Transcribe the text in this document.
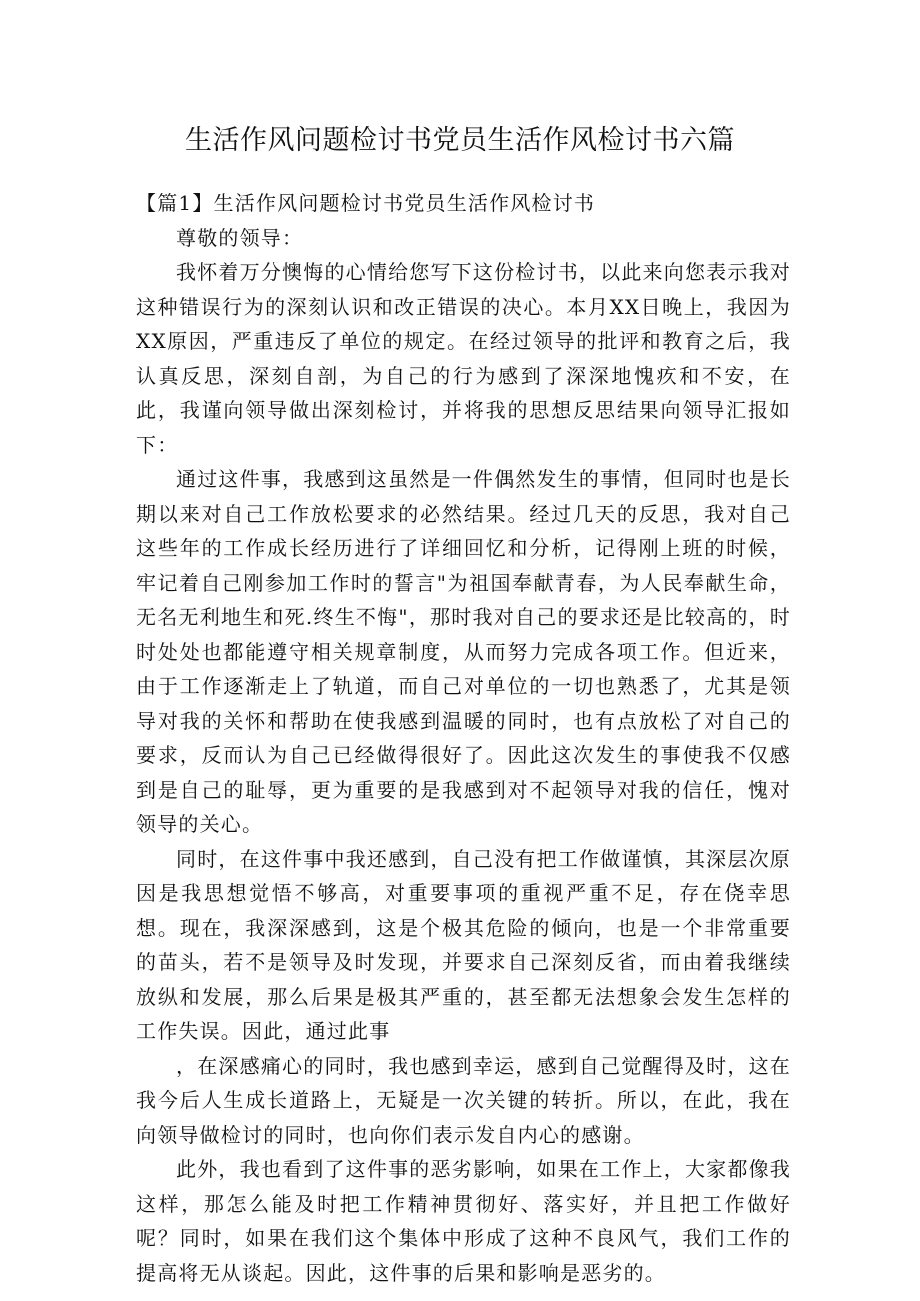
生活作风问题检讨书党员生活作风检讨书六篇

【篇1】生活作风问题检讨书党员生活作风检讨书

尊敬的领导：

我怀着万分懊悔的心情给您写下这份检讨书，以此来向您表示我对这种错误行为的深刻认识和改正错误的决心。本月XX日晚上，我因为XX原因，严重违反了单位的规定。在经过领导的批评和教育之后，我认真反思，深刻自剖，为自己的行为感到了深深地愧疚和不安，在此，我谨向领导做出深刻检讨，并将我的思想反思结果向领导汇报如下：

通过这件事，我感到这虽然是一件偶然发生的事情，但同时也是长期以来对自己工作放松要求的必然结果。经过几天的反思，我对自己这些年的工作成长经历进行了详细回忆和分析，记得刚上班的时候，牢记着自己刚参加工作时的誓言"为祖国奉献青春，为人民奉献生命，无名无利地生和死.终生不悔"，那时我对自己的要求还是比较高的，时时处处也都能遵守相关规章制度，从而努力完成各项工作。但近来，由于工作逐渐走上了轨道，而自己对单位的一切也熟悉了，尤其是领导对我的关怀和帮助在使我感到温暖的同时，也有点放松了对自己的要求，反而认为自己已经做得很好了。因此这次发生的事使我不仅感到是自己的耻辱，更为重要的是我感到对不起领导对我的信任，愧对领导的关心。

同时，在这件事中我还感到，自己没有把工作做谨慎，其深层次原因是我思想觉悟不够高，对重要事项的重视严重不足，存在侥幸思想。现在，我深深感到，这是个极其危险的倾向，也是一个非常重要的苗头，若不是领导及时发现，并要求自己深刻反省，而由着我继续放纵和发展，那么后果是极其严重的，甚至都无法想象会发生怎样的工作失误。因此，通过此事

，在深感痛心的同时，我也感到幸运，感到自己觉醒得及时，这在我今后人生成长道路上，无疑是一次关键的转折。所以，在此，我在向领导做检讨的同时，也向你们表示发自内心的感谢。

此外，我也看到了这件事的恶劣影响，如果在工作上，大家都像我这样，那怎么能及时把工作精神贯彻好、落实好，并且把工作做好呢？同时，如果在我们这个集体中形成了这种不良风气，我们工作的提高将无从谈起。因此，这件事的后果和影响是恶劣的。
